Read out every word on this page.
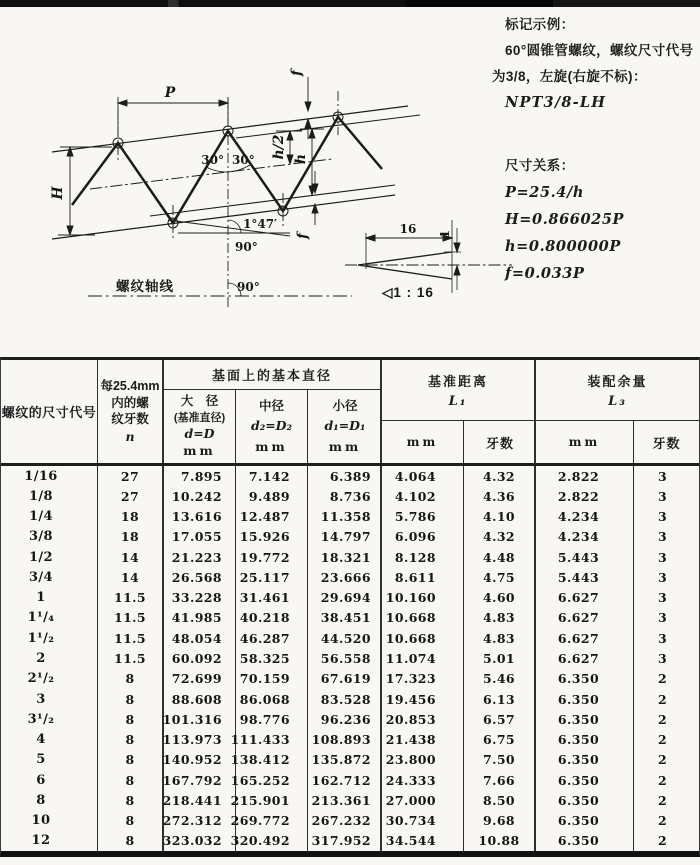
P
H
30° 30°
h/2 h
f
f
1°47′
90°
90°
螺纹轴线
16 1
◁1 : 16
标记示例：
60°圆锥管螺纹，螺纹尺寸代号
为3/8，左旋(右旋不标)：
NPT3/8-LH
尺寸关系：
P=25.4/h
H=0.866025P
h=0.800000P
f=0.033P
螺纹的尺寸代号
每25.4mm
内的螺
纹牙数
n
基面上的基本直径
大　径
(基准直径)
d=D
mm
中径
d₂=D₂
mm
小径
d₁=D₁
mm
基准距离
L₁
mm	牙数
装配余量
L₃
mm	牙数
1/16	27	7.895	7.142	6.389	4.064	4.32	2.822	3
1/8	27	10.242	9.489	8.736	4.102	4.36	2.822	3
1/4	18	13.616	12.487	11.358	5.786	4.10	4.234	3
3/8	18	17.055	15.926	14.797	6.096	4.32	4.234	3
1/2	14	21.223	19.772	18.321	8.128	4.48	5.443	3
3/4	14	26.568	25.117	23.666	8.611	4.75	5.443	3
1	11.5	33.228	31.461	29.694	10.160	4.60	6.627	3
1¹/₄	11.5	41.985	40.218	38.451	10.668	4.83	6.627	3
1¹/₂	11.5	48.054	46.287	44.520	10.668	4.83	6.627	3
2	11.5	60.092	58.325	56.558	11.074	5.01	6.627	3
2¹/₂	8	72.699	70.159	67.619	17.323	5.46	6.350	2
3	8	88.608	86.068	83.528	19.456	6.13	6.350	2
3¹/₂	8	101.316	98.776	96.236	20.853	6.57	6.350	2
4	8	113.973 111.433	108.893	21.438	6.75	6.350	2
5	8	140.952 138.412	135.872	23.800	7.50	6.350	2
6	8	167.792 165.252	162.712	24.333	7.66	6.350	2
8	8	218.441 215.901	213.361	27.000	8.50	6.350	2
10	8	272.312 269.772	267.232	30.734	9.68	6.350	2
12	8	323.032 320.492	317.952	34.544	10.88	6.350	2
